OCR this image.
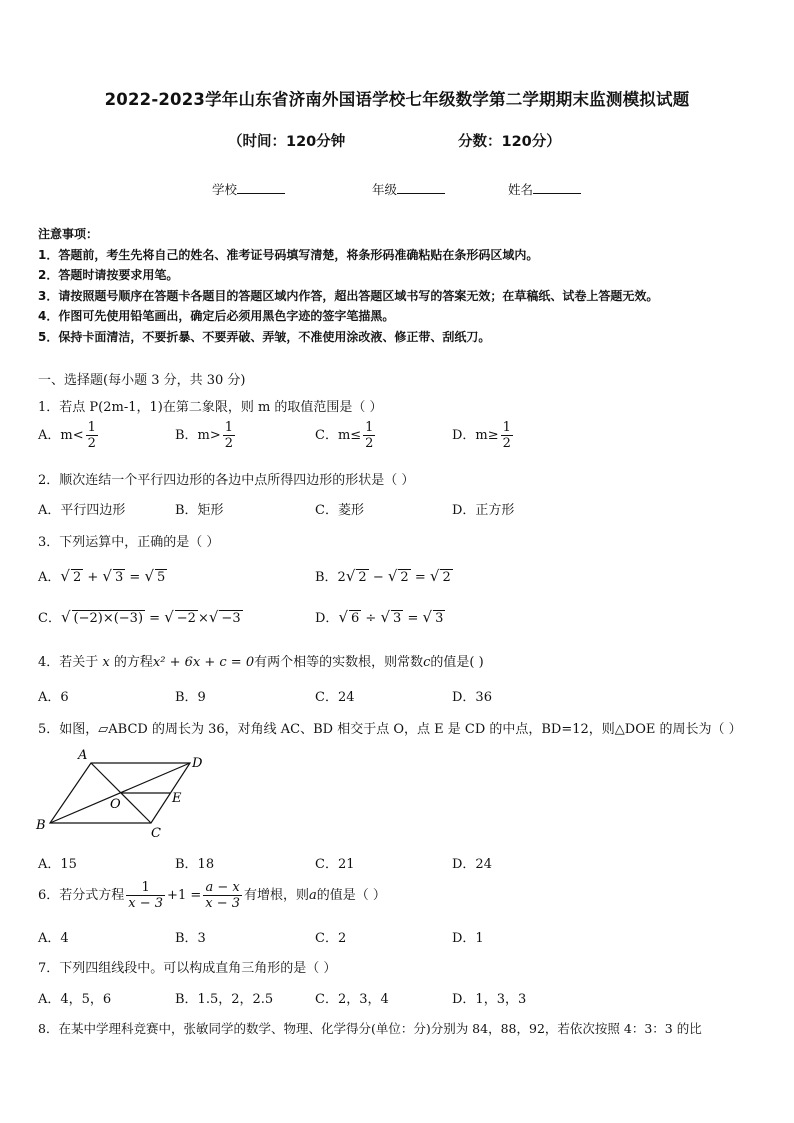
2022-2023学年山东省济南外国语学校七年级数学第二学期期末监测模拟试题
（时间：120分钟	分数：120分）
学校	年级	姓名
注意事项：
1．答题前，考生先将自己的姓名、准考证号码填写清楚，将条形码准确粘贴在条形码区域内。
2．答题时请按要求用笔。
3．请按照题号顺序在答题卡各题目的答题区域内作答，超出答题区域书写的答案无效；在草稿纸、试卷上答题无效。
4．作图可先使用铅笔画出，确定后必须用黑色字迹的签字笔描黑。
5．保持卡面清洁，不要折暴、不要弄破、弄皱，不准使用涂改液、修正带、刮纸刀。
一、选择题(每小题 3 分，共 30 分)
1．若点 P(2m-1，1)在第二象限，则 m 的取值范围是（ ）
A．$m< \frac{1}{2}$	B．$m> \frac{1}{2}$	C．$m\le \frac{1}{2}$	D．$m\ge \frac{1}{2}$
2．顺次连结一个平行四边形的各边中点所得四边形的形状是（ ）
A．平行四边形	B．矩形	C．菱形	D．正方形
3．下列运算中，正确的是（ ）
A．√ 2 + √ 3 = √ 5	B．2√ 2 − √ 2 = √ 2
C．√ (−2)×(−3) = √ −2 ×√ −3	D．√ 6 ÷ √ 3 = √ 3
4．若关于 x 的方程x² + 6x + c = 0有两个相等的实数根，则常数c的值是( )
A．6	B．9	C．24	D．36
5．如图，▱ABCD 的周长为 36，对角线 AC、BD 相交于点 O，点 E 是 CD 的中点，BD=12，则△DOE 的周长为（ ）
A
D
O	E
B
C
A．15	B．18	C．21	D．24
6．若分式方程 $\frac{1}{x - 3} +1 = \frac{a - x}{x - 3}$ 有增根，则a的值是（ ）
A．4	B．3	C．2	D．1
7．下列四组线段中。可以构成直角三角形的是（ ）
A．4，5，6	B．1.5，2，2.5	C．2，3，4	D．1，3，3
8．在某中学理科竞赛中，张敏同学的数学、物理、化学得分(单位：分)分别为 84，88，92，若依次按照 4：3：3 的比
